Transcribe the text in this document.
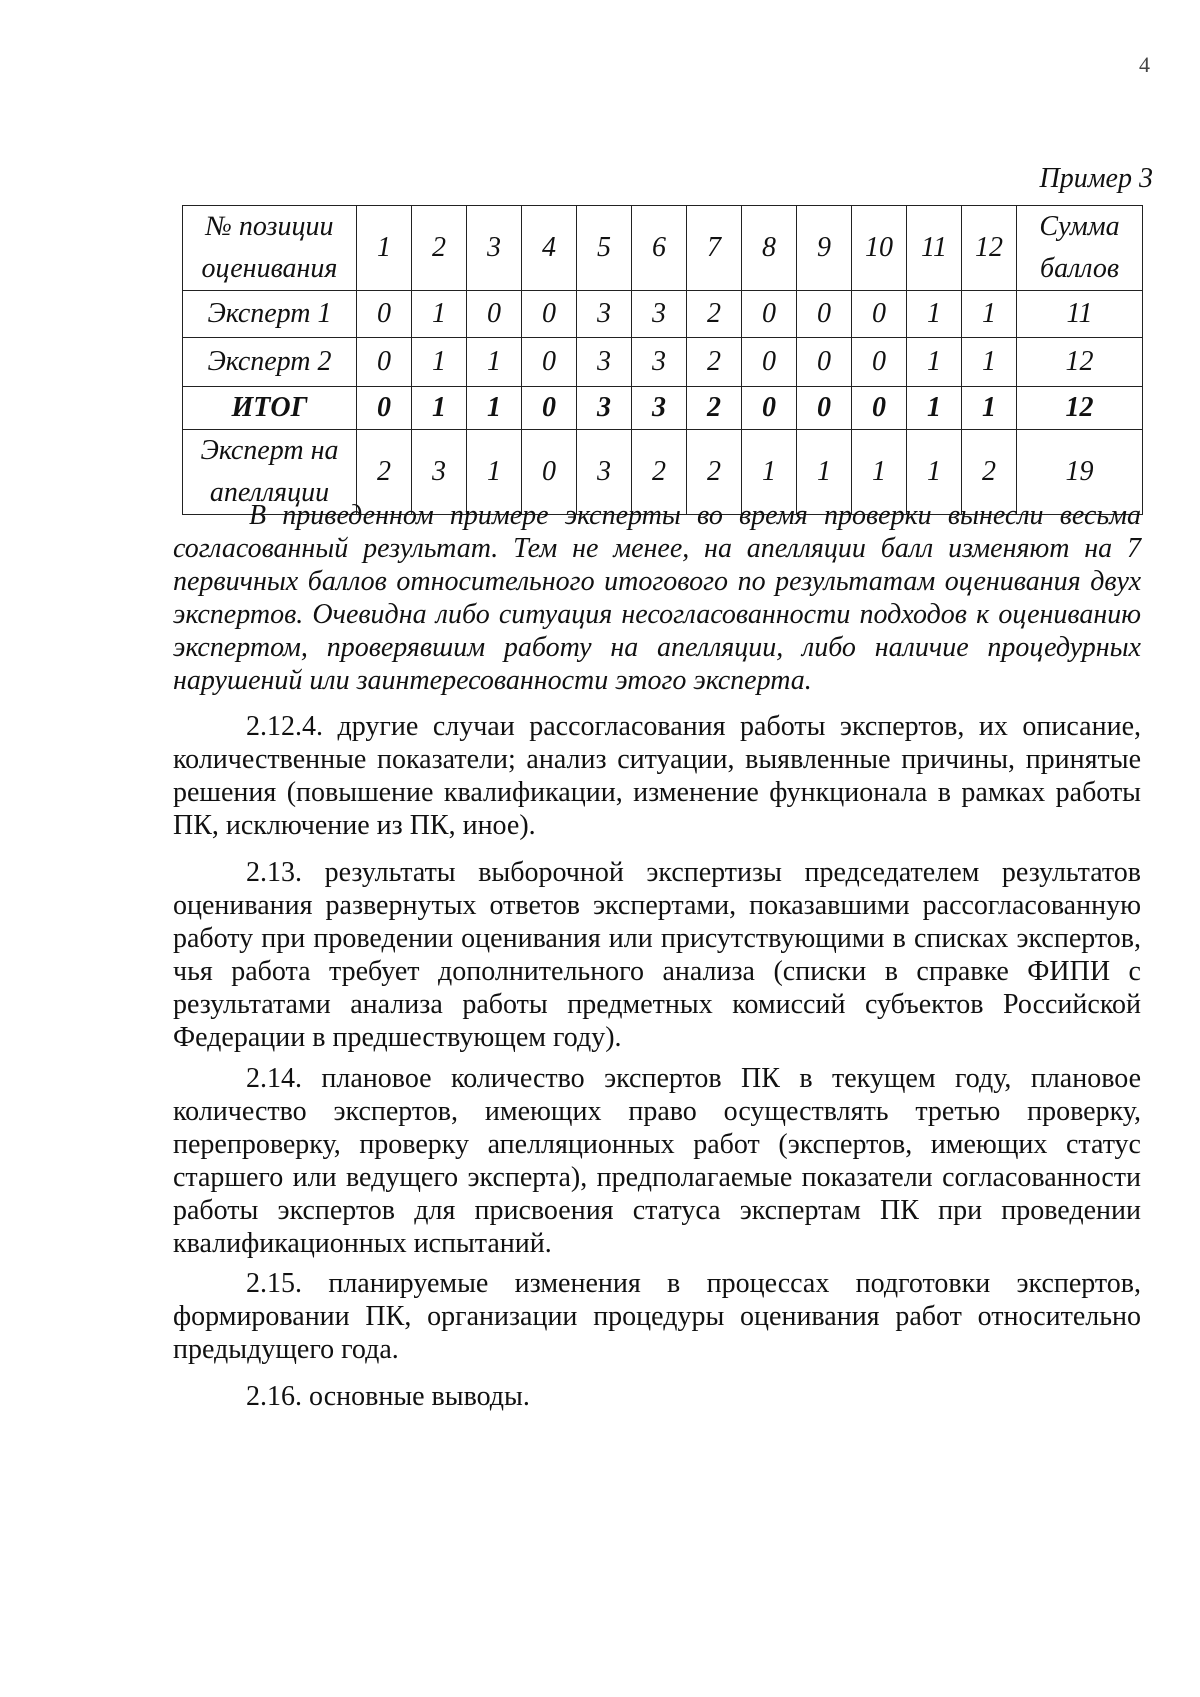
4
Пример 3
№ позиции оценивания	1	2	3	4	5	6	7	8	9	10	11	12	Сумма баллов
Эксперт 1	0	1	0	0	3	3	2	0	0	0	1	1	11
Эксперт 2	0	1	1	0	3	3	2	0	0	0	1	1	12
ИТОГ	0	1	1	0	3	3	2	0	0	0	1	1	12
Эксперт на апелляции	2	3	1	0	3	2	2	1	1	1	1	2	19

В приведенном примере эксперты во время проверки вынесли весьма согласованный результат. Тем не менее, на апелляции балл изменяют на 7 первичных баллов относительного итогового по результатам оценивания двух экспертов. Очевидна либо ситуация несогласованности подходов к оцениванию экспертом, проверявшим работу на апелляции, либо наличие процедурных нарушений или заинтересованности этого эксперта.

2.12.4. другие случаи рассогласования работы экспертов, их описание, количественные показатели; анализ ситуации, выявленные причины, принятые решения (повышение квалификации, изменение функционала в рамках работы ПК, исключение из ПК, иное).

2.13. результаты выборочной экспертизы председателем результатов оценивания развернутых ответов экспертами, показавшими рассогласованную работу при проведении оценивания или присутствующими в списках экспертов, чья работа требует дополнительного анализа (списки в справке ФИПИ с результатами анализа работы предметных комиссий субъектов Российской Федерации в предшествующем году).

2.14. плановое количество экспертов ПК в текущем году, плановое количество экспертов, имеющих право осуществлять третью проверку, перепроверку, проверку апелляционных работ (экспертов, имеющих статус старшего или ведущего эксперта), предполагаемые показатели согласованности работы экспертов для присвоения статуса экспертам ПК при проведении квалификационных испытаний.

2.15. планируемые изменения в процессах подготовки экспертов, формировании ПК, организации процедуры оценивания работ относительно предыдущего года.

2.16. основные выводы.
